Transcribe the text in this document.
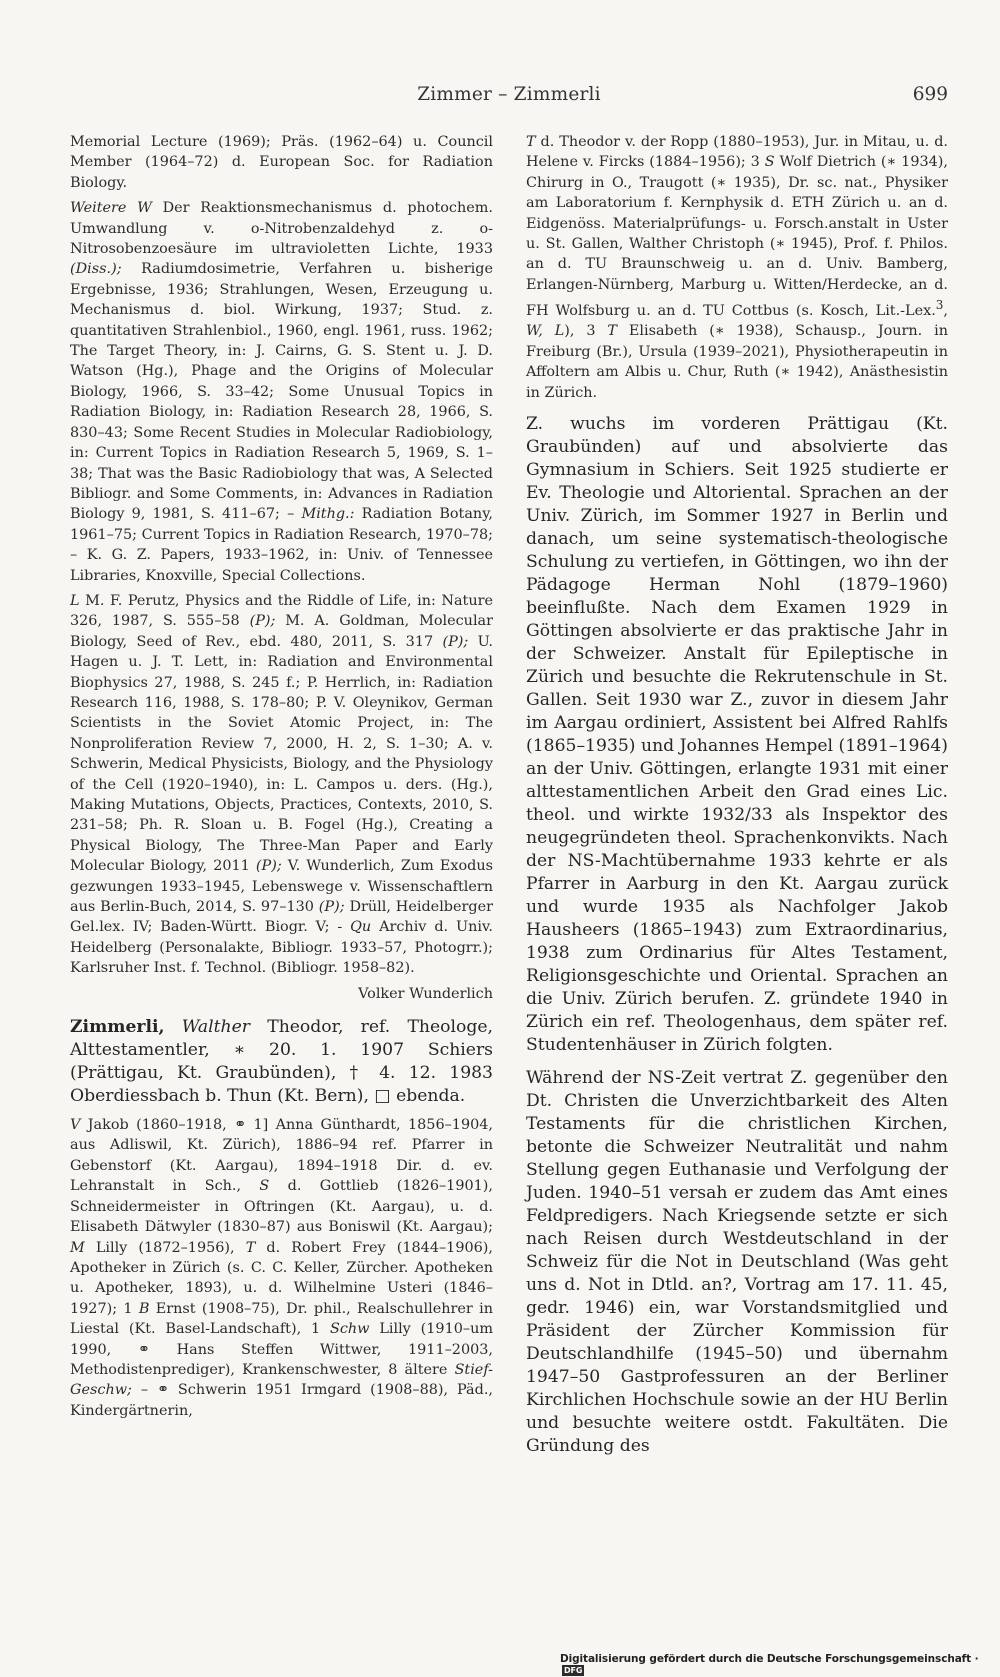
Zimmer – Zimmerli	699

Memorial Lecture (1969); Präs. (1962–64) u. Council Member (1964–72) d. European Soc. for Radiation Biology.

Weitere W Der Reaktionsmechanismus d. photochem. Umwandlung v. o-Nitrobenzaldehyd z. o-Nitrosobenzoesäure im ultravioletten Lichte, 1933 (Diss.); Radiumdosimetrie, Verfahren u. bisherige Ergebnisse, 1936; Strahlungen, Wesen, Erzeugung u. Mechanismus d. biol. Wirkung, 1937; Stud. z. quantitativen Strahlenbiol., 1960, engl. 1961, russ. 1962; The Target Theory, in: J. Cairns, G. S. Stent u. J. D. Watson (Hg.), Phage and the Origins of Molecular Biology, 1966, S. 33–42; Some Unusual Topics in Radiation Biology, in: Radiation Research 28, 1966, S. 830–43; Some Recent Studies in Molecular Radiobiology, in: Current Topics in Radiation Research 5, 1969, S. 1–38; That was the Basic Radiobiology that was, A Selected Bibliogr. and Some Comments, in: Advances in Radiation Biology 9, 1981, S. 411–67; – Mithg.: Radiation Botany, 1961–75; Current Topics in Radiation Research, 1970–78; – K. G. Z. Papers, 1933–1962, in: Univ. of Tennessee Libraries, Knoxville, Special Collections.

L M. F. Perutz, Physics and the Riddle of Life, in: Nature 326, 1987, S. 555–58 (P); M. A. Goldman, Molecular Biology, Seed of Rev., ebd. 480, 2011, S. 317 (P); U. Hagen u. J. T. Lett, in: Radiation and Environmental Biophysics 27, 1988, S. 245 f.; P. Herrlich, in: Radiation Research 116, 1988, S. 178–80; P. V. Oleynikov, German Scientists in the Soviet Atomic Project, in: The Nonproliferation Review 7, 2000, H. 2, S. 1–30; A. v. Schwerin, Medical Physicists, Biology, and the Physiology of the Cell (1920–1940), in: L. Campos u. ders. (Hg.), Making Mutations, Objects, Practices, Contexts, 2010, S. 231–58; Ph. R. Sloan u. B. Fogel (Hg.), Creating a Physical Biology, The Three-Man Paper and Early Molecular Biology, 2011 (P); V. Wunderlich, Zum Exodus gezwungen 1933–1945, Lebenswege v. Wissenschaftlern aus Berlin-Buch, 2014, S. 97–130 (P); Drüll, Heidelberger Gel.lex. IV; Baden-Württ. Biogr. V; - Qu Archiv d. Univ. Heidelberg (Personalakte, Bibliogr. 1933–57, Photogrr.); Karlsruher Inst. f. Technol. (Bibliogr. 1958–82).

Volker Wunderlich

Zimmerli, Walther Theodor, ref. Theologe, Alttestamentler, ∗ 20. 1. 1907 Schiers (Prättigau, Kt. Graubünden), † 4. 12. 1983 Oberdiessbach b. Thun (Kt. Bern), □ ebenda.

V Jakob (1860–1918, ⚭ 1] Anna Günthardt, 1856–1904, aus Adliswil, Kt. Zürich), 1886–94 ref. Pfarrer in Gebenstorf (Kt. Aargau), 1894–1918 Dir. d. ev. Lehranstalt in Sch., S d. Gottlieb (1826–1901), Schneidermeister in Oftringen (Kt. Aargau), u. d. Elisabeth Dätwyler (1830–87) aus Boniswil (Kt. Aargau); M Lilly (1872–1956), T d. Robert Frey (1844–1906), Apotheker in Zürich (s. C. C. Keller, Zürcher. Apotheken u. Apotheker, 1893), u. d. Wilhelmine Usteri (1846–1927); 1 B Ernst (1908–75), Dr. phil., Realschullehrer in Liestal (Kt. Basel-Landschaft), 1 Schw Lilly (1910–um 1990, ⚭ Hans Steffen Wittwer, 1911–2003, Methodistenprediger), Krankenschwester, 8 ältere Stief-Geschw; – ⚭ Schwerin 1951 Irmgard (1908–88), Päd., Kindergärtnerin,

T d. Theodor v. der Ropp (1880–1953), Jur. in Mitau, u. d. Helene v. Fircks (1884–1956); 3 S Wolf Dietrich (∗ 1934), Chirurg in O., Traugott (∗ 1935), Dr. sc. nat., Physiker am Laboratorium f. Kernphysik d. ETH Zürich u. an d. Eidgenöss. Materialprüfungs- u. Forsch.anstalt in Uster u. St. Gallen, Walther Christoph (∗ 1945), Prof. f. Philos. an d. TU Braunschweig u. an d. Univ. Bamberg, Erlangen-Nürnberg, Marburg u. Witten/Herdecke, an d. FH Wolfsburg u. an d. TU Cottbus (s. Kosch, Lit.-Lex.$^3$, W, L), 3 T Elisabeth (∗ 1938), Schausp., Journ. in Freiburg (Br.), Ursula (1939–2021), Physiotherapeutin in Affoltern am Albis u. Chur, Ruth (∗ 1942), Anästhesistin in Zürich.

Z. wuchs im vorderen Prättigau (Kt. Graubünden) auf und absolvierte das Gymnasium in Schiers. Seit 1925 studierte er Ev. Theologie und Altoriental. Sprachen an der Univ. Zürich, im Sommer 1927 in Berlin und danach, um seine systematisch-theologische Schulung zu vertiefen, in Göttingen, wo ihn der Pädagoge Herman Nohl (1879–1960) beeinflußte. Nach dem Examen 1929 in Göttingen absolvierte er das praktische Jahr in der Schweizer. Anstalt für Epileptische in Zürich und besuchte die Rekrutenschule in St. Gallen. Seit 1930 war Z., zuvor in diesem Jahr im Aargau ordiniert, Assistent bei Alfred Rahlfs (1865–1935) und Johannes Hempel (1891–1964) an der Univ. Göttingen, erlangte 1931 mit einer alttestamentlichen Arbeit den Grad eines Lic. theol. und wirkte 1932/33 als Inspektor des neugegründeten theol. Sprachenkonvikts. Nach der NS-Machtübernahme 1933 kehrte er als Pfarrer in Aarburg in den Kt. Aargau zurück und wurde 1935 als Nachfolger Jakob Hausheers (1865–1943) zum Extraordinarius, 1938 zum Ordinarius für Altes Testament, Religionsgeschichte und Oriental. Sprachen an die Univ. Zürich berufen. Z. gründete 1940 in Zürich ein ref. Theologenhaus, dem später ref. Studentenhäuser in Zürich folgten.

Während der NS-Zeit vertrat Z. gegenüber den Dt. Christen die Unverzichtbarkeit des Alten Testaments für die christlichen Kirchen, betonte die Schweizer Neutralität und nahm Stellung gegen Euthanasie und Verfolgung der Juden. 1940–51 versah er zudem das Amt eines Feldpredigers. Nach Kriegsende setzte er sich nach Reisen durch Westdeutschland in der Schweiz für die Not in Deutschland (Was geht uns d. Not in Dtld. an?, Vortrag am 17. 11. 45, gedr. 1946) ein, war Vorstandsmitglied und Präsident der Zürcher Kommission für Deutschlandhilfe (1945–50) und übernahm 1947–50 Gastprofessuren an der Berliner Kirchlichen Hochschule sowie an der HU Berlin und besuchte weitere ostdt. Fakultäten. Die Gründung des

Digitalisierung gefördert durch die Deutsche Forschungsgemeinschaft ·DFG
